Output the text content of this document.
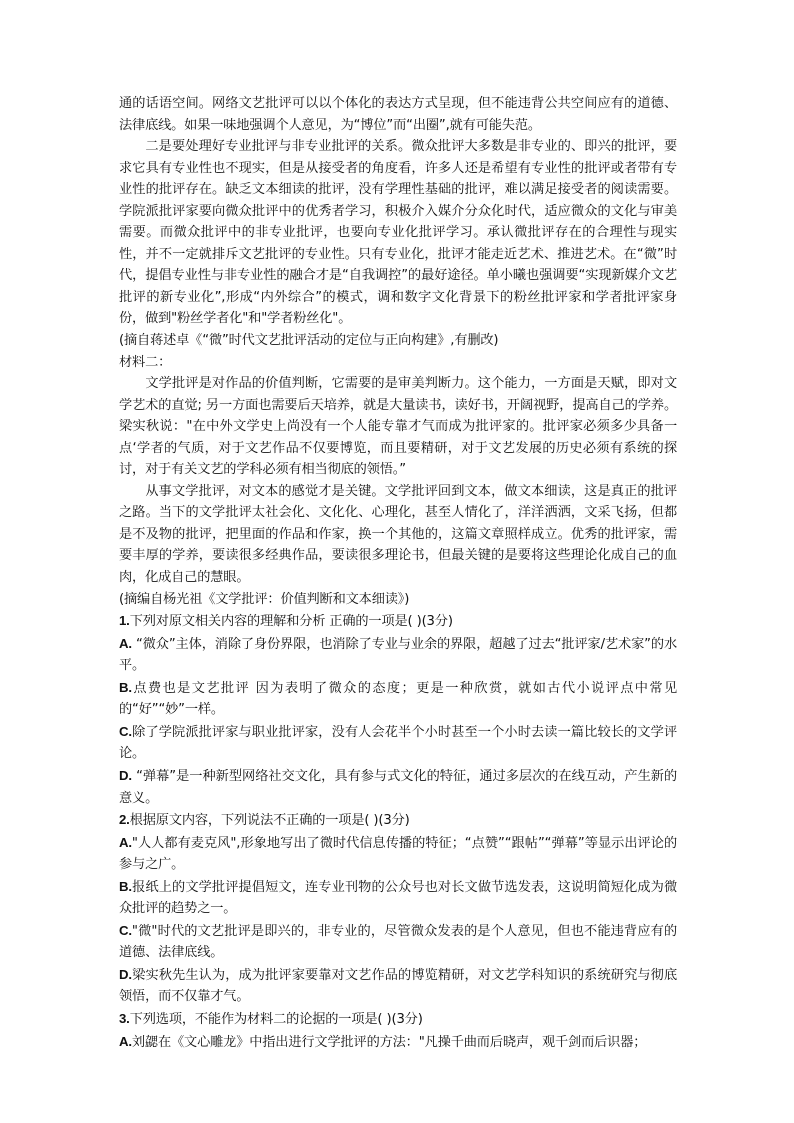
通的话语空间。网络文艺批评可以以个体化的表达方式呈现，但不能违背公共空间应有的道德、法律底线。如果一味地强调个人意见，为“博位”而“出圈”,就有可能失范。

二是要处理好专业批评与非专业批评的关系。微众批评大多数是非专业的、即兴的批评，要求它具有专业性也不现实，但是从接受者的角度看，许多人还是希望有专业性的批评或者带有专业性的批评存在。缺乏文本细读的批评，没有学理性基础的批评，难以满足接受者的阅读需要。学院派批评家要向微众批评中的优秀者学习，积极介入媒介分众化时代，适应微众的文化与审美需要。而微众批评中的非专业批评，也要向专业化批评学习。承认微批评存在的合理性与现实性，并不一定就排斥文艺批评的专业性。只有专业化，批评才能走近艺术、推进艺术。在“微”时代，提倡专业性与非专业性的融合才是“自我调控”的最好途径。单小曦也强调要“实现新媒介文艺批评的新专业化”,形成“内外综合”的模式，调和数字文化背景下的粉丝批评家和学者批评家身份，做到"粉丝学者化"和"学者粉丝化"。

(摘自蒋述卓《“微”时代文艺批评活动的定位与正向构建》,有删改)

材料二：

文学批评是对作品的价值判断，它需要的是审美判断力。这个能力，一方面是天赋，即对文学艺术的直觉; 另一方面也需要后天培养，就是大量读书，读好书，开阔视野，提高自己的学养。梁实秋说："在中外文学史上尚没有一个人能专靠才气而成为批评家的。批评家必须多少具备一点‘学者的气质，对于文艺作品不仅要博览，而且要精研，对于文艺发展的历史必须有系统的探讨，对于有关文艺的学科必须有相当彻底的领悟。”

从事文学批评，对文本的感觉才是关键。文学批评回到文本，做文本细读，这是真正的批评之路。当下的文学批评太社会化、文化化、心理化，甚至人情化了，洋洋洒洒，文采飞扬，但都是不及物的批评，把里面的作品和作家，换一个其他的，这篇文章照样成立。优秀的批评家，需要丰厚的学养，要读很多经典作品，要读很多理论书，但最关键的是要将这些理论化成自己的血肉，化成自己的慧眼。

(摘编自杨光祖《文学批评：价值判断和文本细读》)

1.下列对原文相关内容的理解和分析 正确的一项是( )(3分)

A. “微众”主体，消除了身份界限，也消除了专业与业余的界限，超越了过去“批评家/艺术家”的水平。

B.点费也是文艺批评 因为表明了微众的态度；更是一种欣赏，就如古代小说评点中常见的“好”“妙”一样。

C.除了学院派批评家与职业批评家，没有人会花半个小时甚至一个小时去读一篇比较长的文学评论。

D. “弹幕”是一种新型网络社交文化，具有参与式文化的特征，通过多层次的在线互动，产生新的意义。

2.根据原文内容，下列说法不正确的一项是( )(3分)

A."人人都有麦克风",形象地写出了微时代信息传播的特征；“点赞”“跟帖”“弹幕”等显示出评论的参与之广。

B.报纸上的文学批评提倡短文，连专业刊物的公众号也对长文做节选发表，这说明简短化成为微众批评的趋势之一。

C."微"时代的文艺批评是即兴的，非专业的，尽管微众发表的是个人意见，但也不能违背应有的道德、法律底线。

D.梁实秋先生认为，成为批评家要靠对文艺作品的博览精研，对文艺学科知识的系统研究与彻底领悟，而不仅靠才气。

3.下列选项，不能作为材料二的论据的一项是( )(3分)

A.刘勰在《文心雕龙》中指出进行文学批评的方法："凡操千曲而后晓声，观千剑而后识器；
